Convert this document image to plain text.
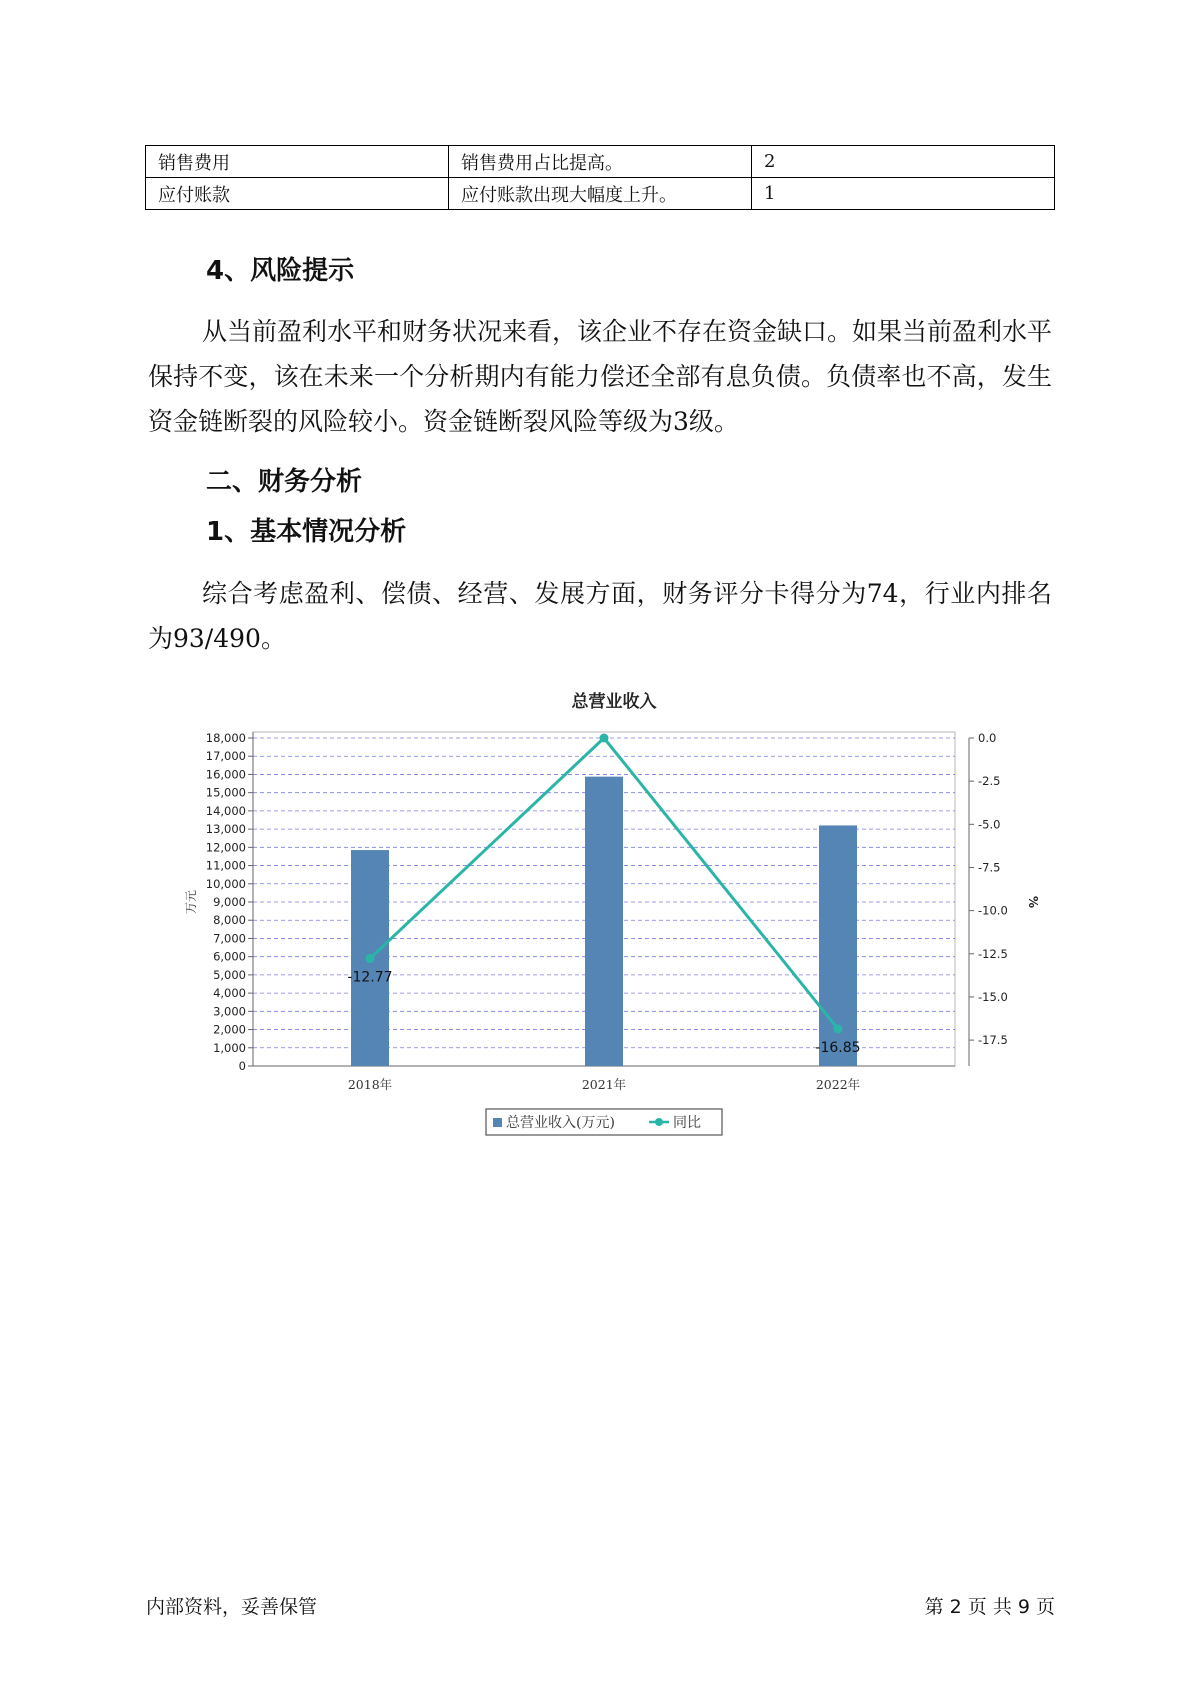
销售费用	销售费用占比提高。	2
应付账款	应付账款出现大幅度上升。	1
4、风险提示

从当前盈利水平和财务状况来看，该企业不存在资金缺口。如果当前盈利水平保持不变，该在未来一个分析期内有能力偿还全部有息负债。负债率也不高，发生资金链断裂的风险较小。资金链断裂风险等级为3级。

二、财务分析
1、基本情况分析

综合考虑盈利、偿债、经营、发展方面，财务评分卡得分为74，行业内排名为93/490。

总营业收入
0
1,000
2,000
3,000
4,000
5,000
6,000
7,000
8,000
9,000
10,000
11,000
12,000
13,000
14,000
15,000
16,000
17,000
18,000
万元
0.0
-2.5
-5.0
-7.5
-10.0
-12.5
-15.0
-17.5
%
2018年	2021年	2022年
-12.77
-16.85
总营业收入(万元)	同比
内部资料，妥善保管	第 2 页 共 9 页
